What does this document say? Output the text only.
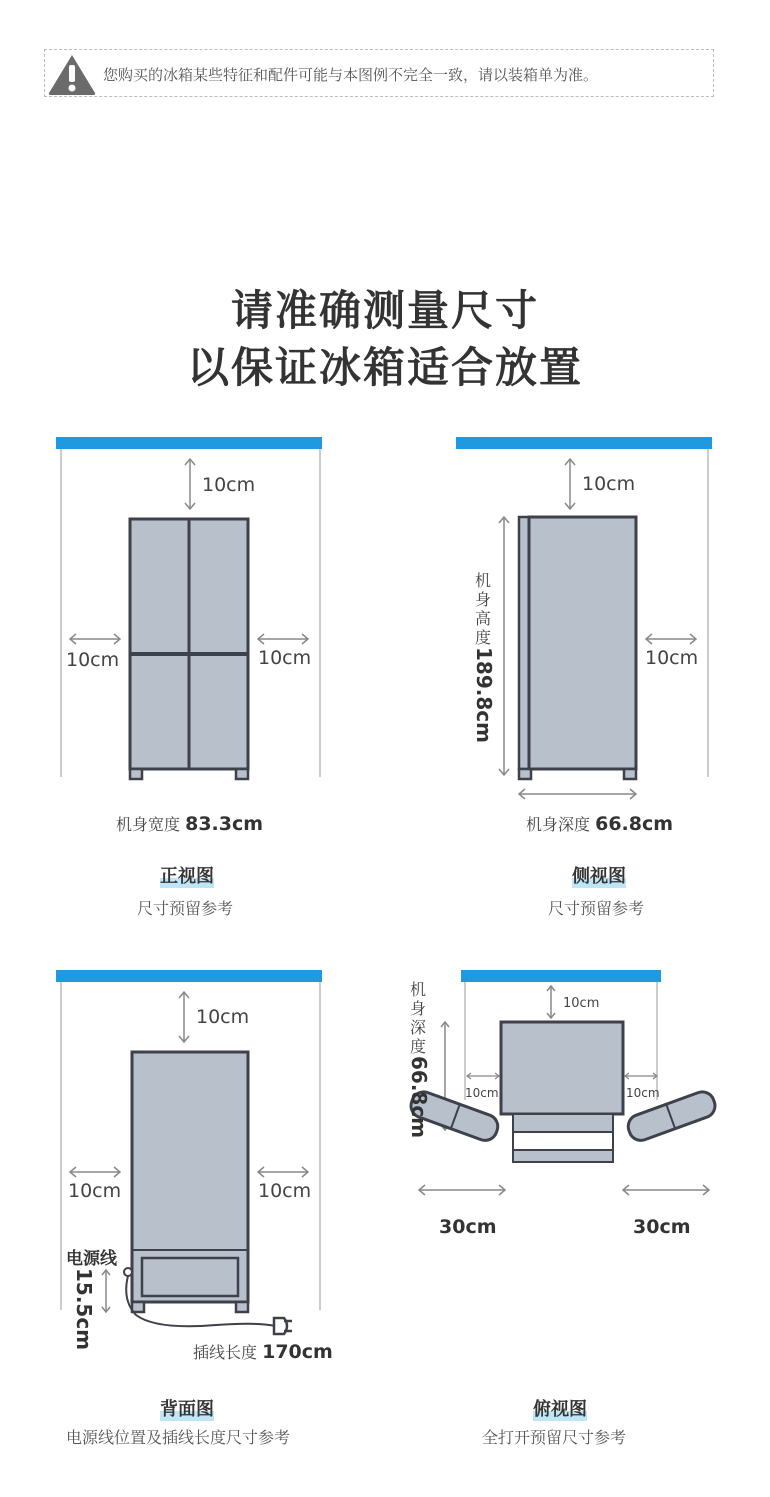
您购买的冰箱某些特征和配件可能与本图例不完全一致，请以装箱单为准。
请准确测量尺寸
以保证冰箱适合放置
10cm
10cm	10cm
机身宽度 83.3cm
正视图
尺寸预留参考
10cm
10cm
机身高度
189.8cm
机身深度 66.8cm
侧视图
尺寸预留参考
10cm
10cm	10cm
电源线
15.5cm
插线长度 170cm
背面图
电源线位置及插线长度尺寸参考
10cm
10cm	10cm
机身深度
66.8cm
30cm	30cm
俯视图
全打开预留尺寸参考
